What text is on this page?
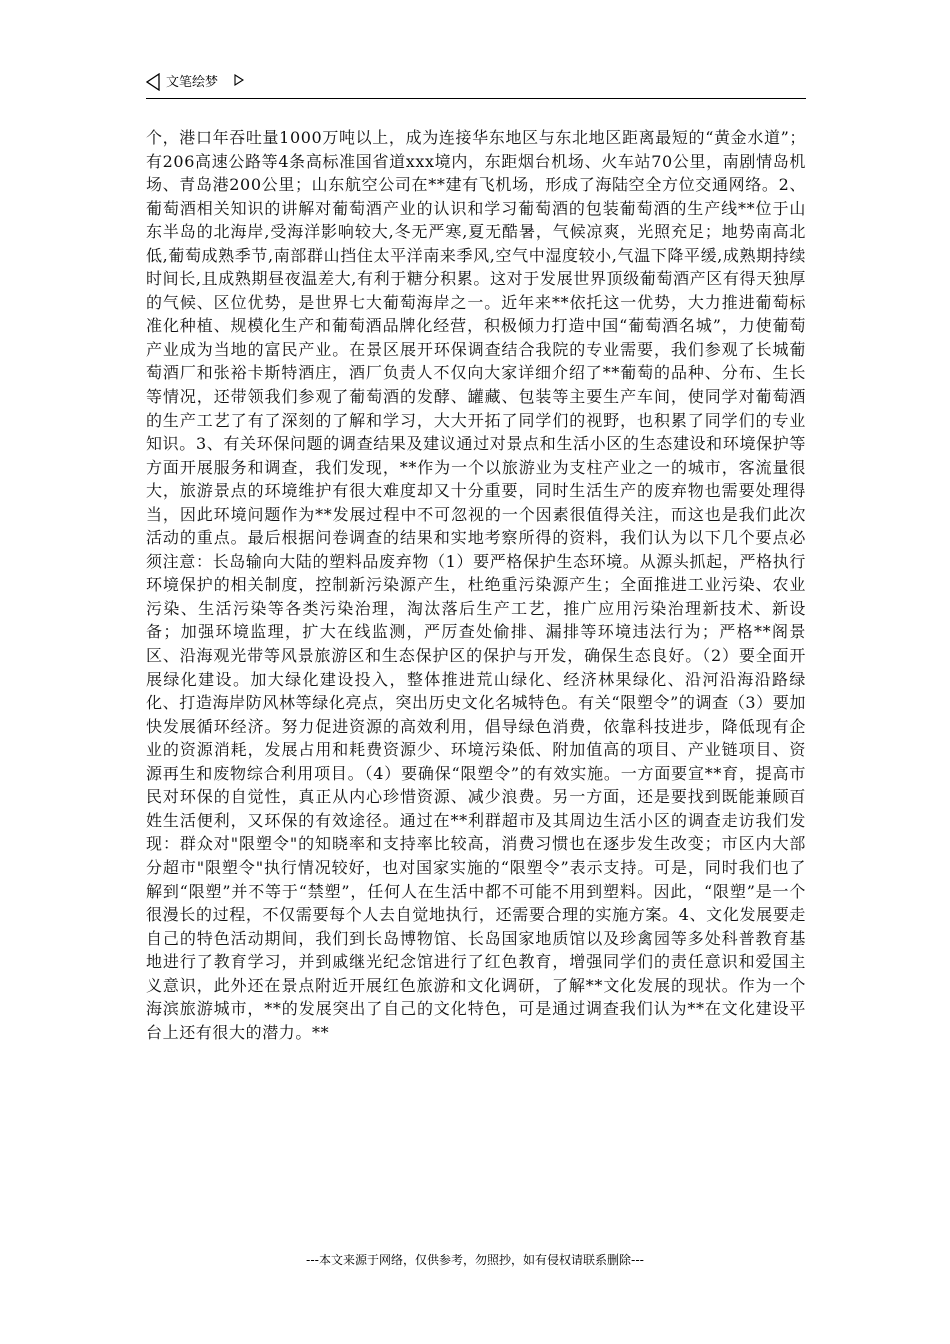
文笔绘梦

个，港口年吞吐量1000万吨以上，成为连接华东地区与东北地区距离最短的“黄金水道”；有206高速公路等4条高标准国省道xxx境内，东距烟台机场、火车站70公里，南剧情岛机场、青岛港200公里；山东航空公司在**建有飞机场，形成了海陆空全方位交通网络。2、葡萄酒相关知识的讲解对葡萄酒产业的认识和学习葡萄酒的包装葡萄酒的生产线**位于山东半岛的北海岸,受海洋影响较大,冬无严寒,夏无酷暑，气候凉爽，光照充足；地势南高北低,葡萄成熟季节,南部群山挡住太平洋南来季风,空气中湿度较小,气温下降平缓,成熟期持续时间长,且成熟期昼夜温差大,有利于糖分积累。这对于发展世界顶级葡萄酒产区有得天独厚的气候、区位优势，是世界七大葡萄海岸之一。近年来**依托这一优势，大力推进葡萄标准化种植、规模化生产和葡萄酒品牌化经营，积极倾力打造中国“葡萄酒名城”，力使葡萄产业成为当地的富民产业。在景区展开环保调查结合我院的专业需要，我们参观了长城葡萄酒厂和张裕卡斯特酒庄，酒厂负责人不仅向大家详细介绍了**葡萄的品种、分布、生长等情况，还带领我们参观了葡萄酒的发酵、罐藏、包装等主要生产车间，使同学对葡萄酒的生产工艺了有了深刻的了解和学习，大大开拓了同学们的视野，也积累了同学们的专业知识。3、有关环保问题的调查结果及建议通过对景点和生活小区的生态建设和环境保护等方面开展服务和调查，我们发现，**作为一个以旅游业为支柱产业之一的城市，客流量很大，旅游景点的环境维护有很大难度却又十分重要，同时生活生产的废弃物也需要处理得当，因此环境问题作为**发展过程中不可忽视的一个因素很值得关注，而这也是我们此次活动的重点。最后根据问卷调查的结果和实地考察所得的资料，我们认为以下几个要点必须注意：长岛输向大陆的塑料品废弃物（1）要严格保护生态环境。从源头抓起，严格执行环境保护的相关制度，控制新污染源产生，杜绝重污染源产生；全面推进工业污染、农业污染、生活污染等各类污染治理，淘汰落后生产工艺，推广应用污染治理新技术、新设备；加强环境监理，扩大在线监测，严厉查处偷排、漏排等环境违法行为；严格**阁景区、沿海观光带等风景旅游区和生态保护区的保护与开发，确保生态良好。（2）要全面开展绿化建设。加大绿化建设投入，整体推进荒山绿化、经济林果绿化、沿河沿海沿路绿化、打造海岸防风林等绿化亮点，突出历史文化名城特色。有关“限塑令”的调查（3）要加快发展循环经济。努力促进资源的高效利用，倡导绿色消费，依靠科技进步，降低现有企业的资源消耗，发展占用和耗费资源少、环境污染低、附加值高的项目、产业链项目、资源再生和废物综合利用项目。（4）要确保“限塑令”的有效实施。一方面要宣**育，提高市民对环保的自觉性，真正从内心珍惜资源、减少浪费。另一方面，还是要找到既能兼顾百姓生活便利，又环保的有效途径。通过在**利群超市及其周边生活小区的调查走访我们发现：群众对"限塑令"的知晓率和支持率比较高，消费习惯也在逐步发生改变；市区内大部分超市"限塑令"执行情况较好，也对国家实施的“限塑令”表示支持。可是，同时我们也了解到“限塑”并不等于“禁塑”，任何人在生活中都不可能不用到塑料。因此，“限塑”是一个很漫长的过程，不仅需要每个人去自觉地执行，还需要合理的实施方案。4、文化发展要走自己的特色活动期间，我们到长岛博物馆、长岛国家地质馆以及珍禽园等多处科普教育基地进行了教育学习，并到戚继光纪念馆进行了红色教育，增强同学们的责任意识和爱国主义意识，此外还在景点附近开展红色旅游和文化调研，了解**文化发展的现状。作为一个海滨旅游城市，**的发展突出了自己的文化特色，可是通过调查我们认为**在文化建设平台上还有很大的潜力。**

---本文来源于网络，仅供参考，勿照抄，如有侵权请联系删除---
